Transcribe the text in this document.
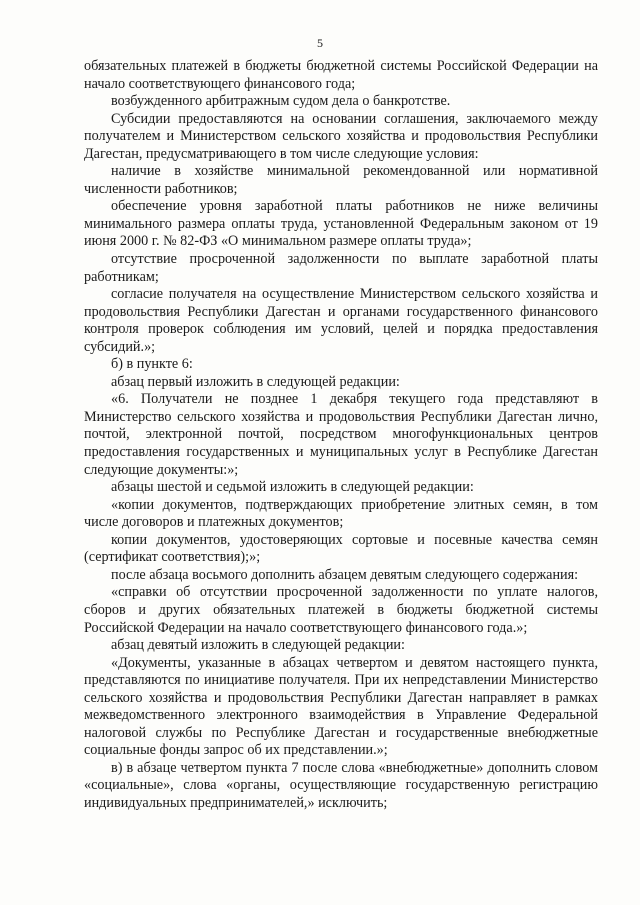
5

обязательных платежей в бюджеты бюджетной системы Российской Федерации на начало соответствующего финансового года;

возбужденного арбитражным судом дела о банкротстве.

Субсидии предоставляются на основании соглашения, заключаемого между получателем и Министерством сельского хозяйства и продовольствия Республики Дагестан, предусматривающего в том числе следующие условия:

наличие в хозяйстве минимальной рекомендованной или нормативной численности работников;

обеспечение уровня заработной платы работников не ниже величины минимального размера оплаты труда, установленной Федеральным законом от 19 июня 2000 г. № 82-ФЗ «О минимальном размере оплаты труда»;

отсутствие просроченной задолженности по выплате заработной платы работникам;

согласие получателя на осуществление Министерством сельского хозяйства и продовольствия Республики Дагестан и органами государственного финансового контроля проверок соблюдения им условий, целей и порядка предоставления субсидий.»;

б) в пункте 6:

абзац первый изложить в следующей редакции:

«6. Получатели не позднее 1 декабря текущего года представляют в Министерство сельского хозяйства и продовольствия Республики Дагестан лично, почтой, электронной почтой, посредством многофункциональных центров предоставления государственных и муниципальных услуг в Республике Дагестан следующие документы:»;

абзацы шестой и седьмой изложить в следующей редакции:

«копии документов, подтверждающих приобретение элитных семян, в том числе договоров и платежных документов;

копии документов, удостоверяющих сортовые и посевные качества семян (сертификат соответствия);»;

после абзаца восьмого дополнить абзацем девятым следующего содержания:

«справки об отсутствии просроченной задолженности по уплате налогов, сборов и других обязательных платежей в бюджеты бюджетной системы Российской Федерации на начало соответствующего финансового года.»;

абзац девятый изложить в следующей редакции:

«Документы, указанные в абзацах четвертом и девятом настоящего пункта, представляются по инициативе получателя. При их непредставлении Министерство сельского хозяйства и продовольствия Республики Дагестан направляет в рамках межведомственного электронного взаимодействия в Управление Федеральной налоговой службы по Республике Дагестан и государственные внебюджетные социальные фонды запрос об их представлении.»;

в) в абзаце четвертом пункта 7 после слова «внебюджетные» дополнить словом «социальные», слова «органы, осуществляющие государственную регистрацию индивидуальных предпринимателей,» исключить;
